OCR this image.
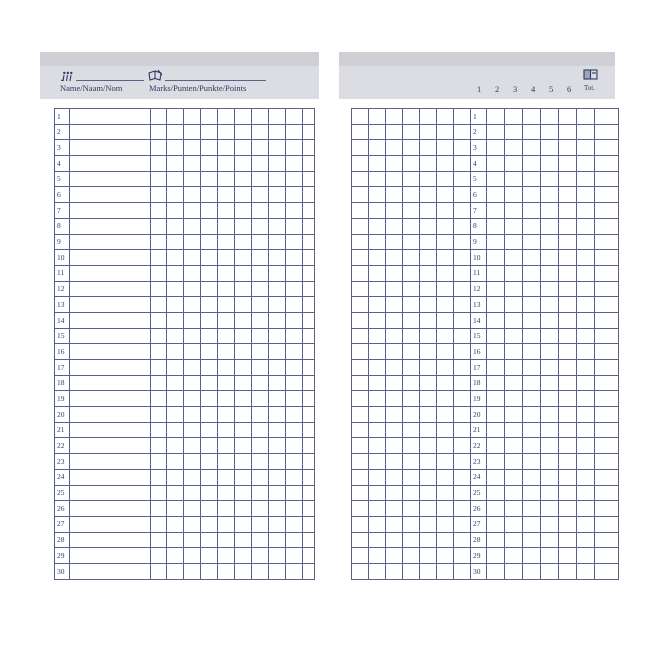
Name/Naam/Nom	Marks/Punten/Punkte/Points
1											
2											
3											
4											
5											
6											
7											
8											
9											
10											
11											
12											
13											
14											
15											
16											
17											
18											
19											
20											
21											
22											
23											
24											
25											
26											
27											
28											
29											
30											
1 2 3 4 5 6 Tot.
							1							
							2							
							3							
							4							
							5							
							6							
							7							
							8							
							9							
							10							
							11							
							12							
							13							
							14							
							15							
							16							
							17							
							18							
							19							
							20							
							21							
							22							
							23							
							24							
							25							
							26							
							27							
							28							
							29							
							30							
